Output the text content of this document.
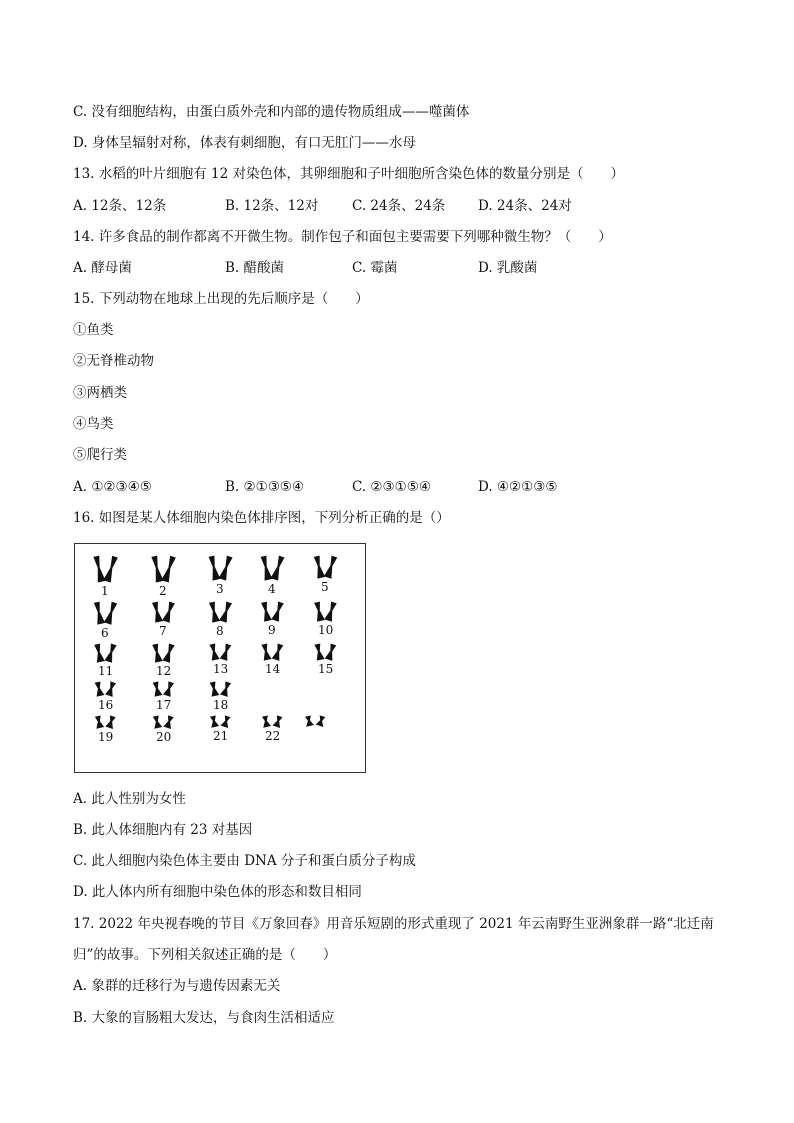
C. 没有细胞结构，由蛋白质外壳和内部的遗传物质组成——噬菌体
D. 身体呈辐射对称，体表有刺细胞，有口无肛门——水母
13. 水稻的叶片细胞有 12 对染色体，其卵细胞和子叶细胞所含染色体的数量分别是（　　）
A. 12条、12条	B. 12条、12对 C. 24条、24条 D. 24条、24对
14. 许多食品的制作都离不开微生物。制作包子和面包主要需要下列哪种微生物？（　　）
A. 酵母菌	B. 醋酸菌	C. 霉菌	D. 乳酸菌
15. 下列动物在地球上出现的先后顺序是（　　）
①鱼类
②无脊椎动物
③两栖类
④鸟类
⑤爬行类
A. ①②③④⑤	B. ②①③⑤④	C. ②③①⑤④	D. ④②①③⑤
16. 如图是某人体细胞内染色体排序图，下列分析正确的是（）
1	2	3	4	5
6	7	8	9	10
11	12	13	14	15
16	17	18
19	20	21	22
A. 此人性别为女性
B. 此人体细胞内有 23 对基因
C. 此人细胞内染色体主要由 DNA 分子和蛋白质分子构成
D. 此人体内所有细胞中染色体的形态和数目相同
17. 2022 年央视春晚的节目《万象回春》用音乐短剧的形式重现了 2021 年云南野生亚洲象群一路“北迁南
归”的故事。下列相关叙述正确的是（　　）
A. 象群的迁移行为与遗传因素无关
B. 大象的盲肠粗大发达，与食肉生活相适应
